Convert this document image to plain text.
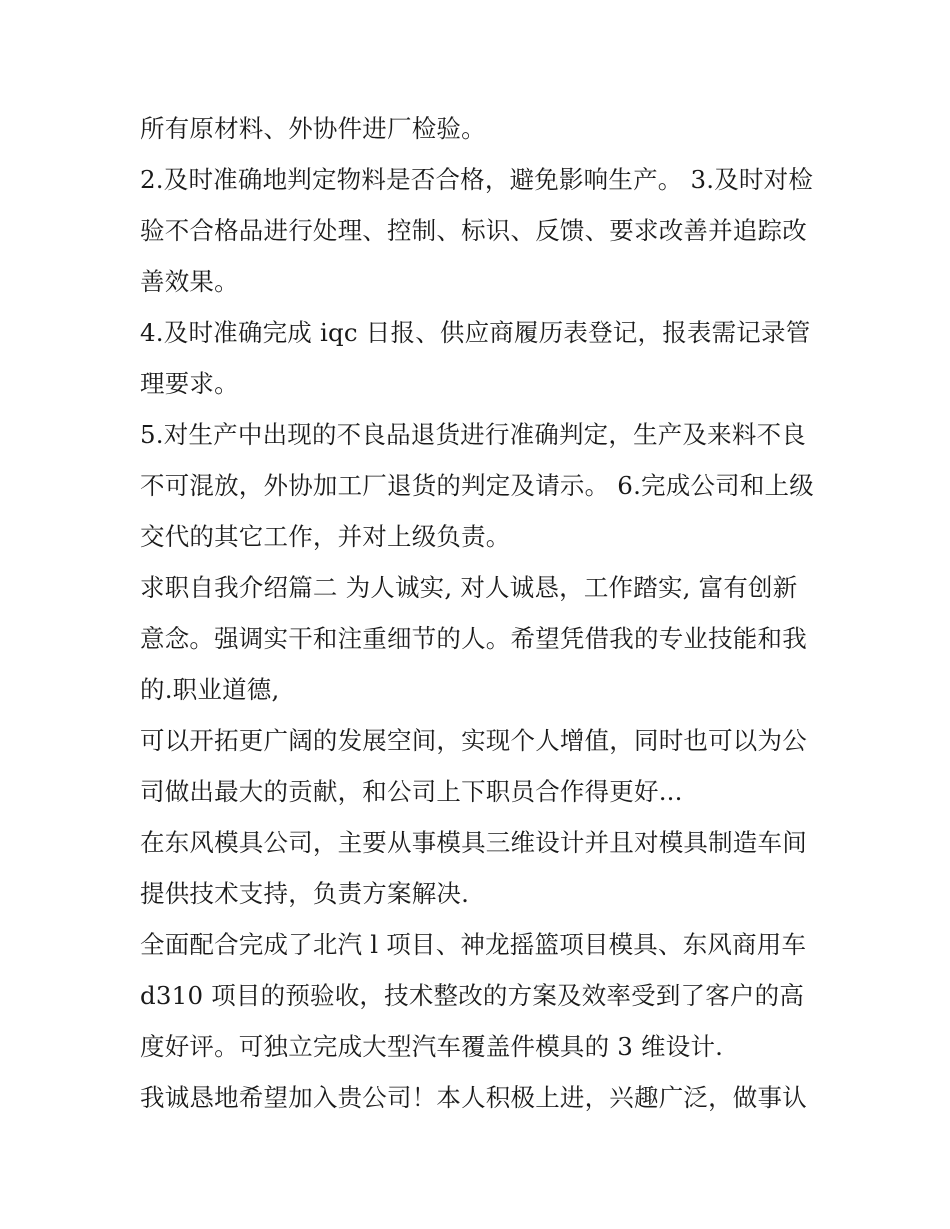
所有原材料、外协件进厂检验。
2.及时准确地判定物料是否合格，避免影响生产。 3.及时对检
验不合格品进行处理、控制、标识、反馈、要求改善并追踪改
善效果。
4.及时准确完成 iqc 日报、供应商履历表登记，报表需记录管
理要求。
5.对生产中出现的不良品退货进行准确判定，生产及来料不良
不可混放，外协加工厂退货的判定及请示。 6.完成公司和上级
交代的其它工作，并对上级负责。
求职自我介绍篇二 为人诚实, 对人诚恳，工作踏实, 富有创新
意念。强调实干和注重细节的人。希望凭借我的专业技能和我
的.职业道德,
可以开拓更广阔的发展空间，实现个人增值，同时也可以为公
司做出最大的贡献，和公司上下职员合作得更好...
在东风模具公司，主要从事模具三维设计并且对模具制造车间
提供技术支持，负责方案解决.
全面配合完成了北汽 l 项目、神龙摇篮项目模具、东风商用车
d310 项目的预验收，技术整改的方案及效率受到了客户的高
度好评。可独立完成大型汽车覆盖件模具的 3 维设计.
我诚恳地希望加入贵公司！本人积极上进，兴趣广泛，做事认
